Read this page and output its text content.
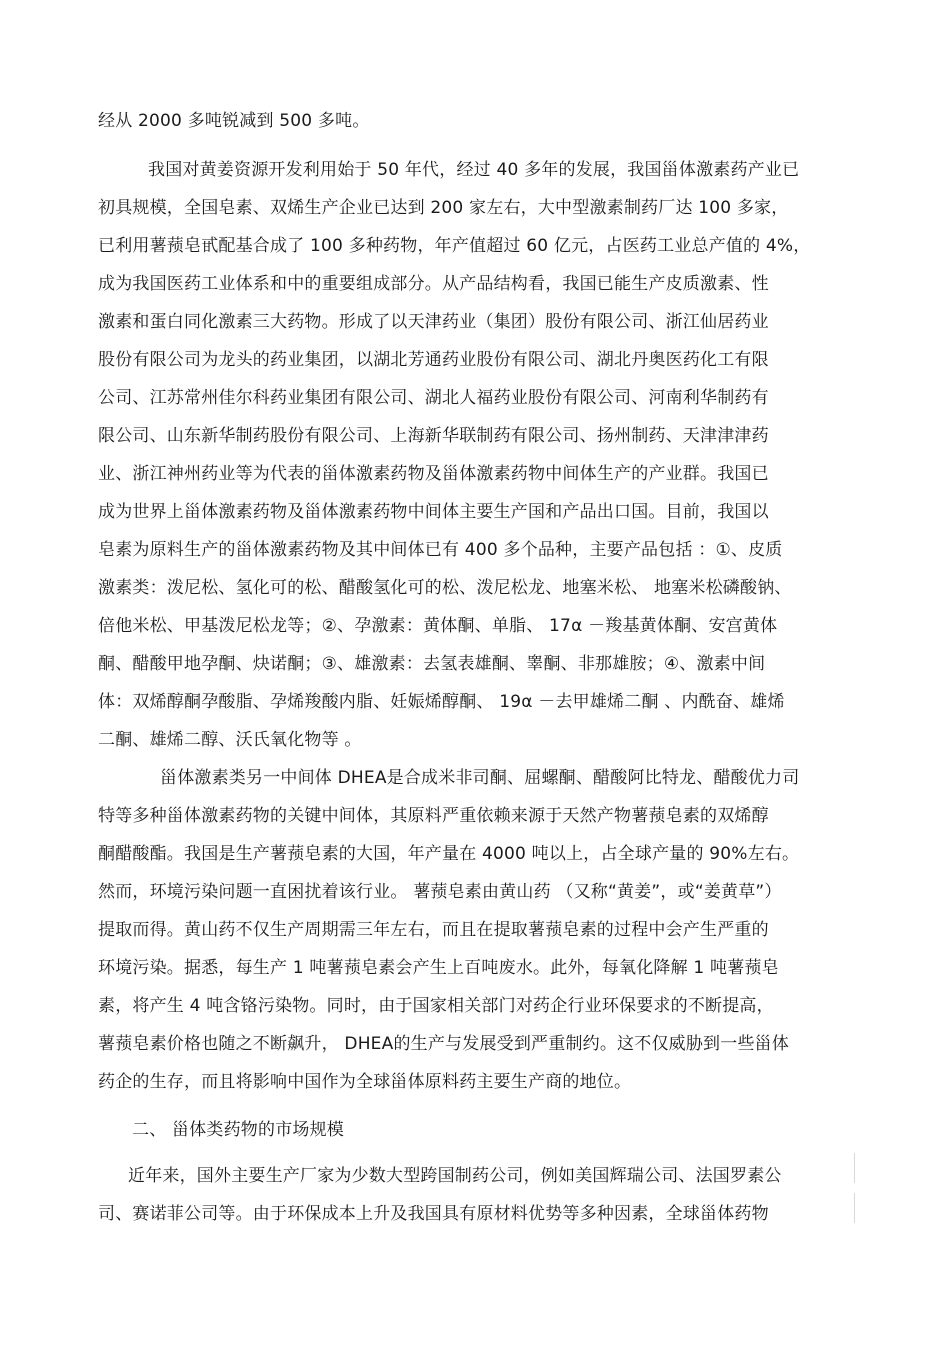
经从 2000 多吨锐减到 500 多吨。
我国对黄姜资源开发利用始于 50 年代，经过 40 多年的发展，我国甾体激素药产业已
初具规模，全国皂素、双烯生产企业已达到 200 家左右，大中型激素制药厂达 100 多家，
已利用薯蓣皂甙配基合成了 100 多种药物，年产值超过 60 亿元，占医药工业总产值的 4%，
成为我国医药工业体系和中的重要组成部分。从产品结构看，我国已能生产皮质激素、性
激素和蛋白同化激素三大药物。形成了以天津药业（集团）股份有限公司、浙江仙居药业
股份有限公司为龙头的药业集团，以湖北芳通药业股份有限公司、湖北丹奥医药化工有限
公司、江苏常州佳尔科药业集团有限公司、湖北人福药业股份有限公司、河南利华制药有
限公司、山东新华制药股份有限公司、上海新华联制药有限公司、扬州制药、天津津津药
业、浙江神州药业等为代表的甾体激素药物及甾体激素药物中间体生产的产业群。我国已
成为世界上甾体激素药物及甾体激素药物中间体主要生产国和产品出口国。目前，我国以
皂素为原料生产的甾体激素药物及其中间体已有 400 多个品种，主要产品包括 ：①、皮质
激素类：泼尼松、氢化可的松、醋酸氢化可的松、泼尼松龙、地塞米松、 地塞米松磷酸钠、
倍他米松、甲基泼尼松龙等；②、孕激素：黄体酮、单脂、 17α －羧基黄体酮、安宫黄体
酮、醋酸甲地孕酮、炔诺酮；③、雄激素：去氢表雄酮、睾酮、非那雄胺；④、激素中间
体：双烯醇酮孕酸脂、孕烯羧酸内脂、妊娠烯醇酮、 19α －去甲雄烯二酮 、内酰奋、雄烯
二酮、雄烯二醇、沃氏氧化物等 。
甾体激素类另一中间体 DHEA是合成米非司酮、屈螺酮、醋酸阿比特龙、醋酸优力司
特等多种甾体激素药物的关键中间体，其原料严重依赖来源于天然产物薯蓣皂素的双烯醇
酮醋酸酯。我国是生产薯蓣皂素的大国，年产量在 4000 吨以上，占全球产量的 90%左右。
然而，环境污染问题一直困扰着该行业。 薯蓣皂素由黄山药 （又称“黄姜”，或“姜黄草”）
提取而得。黄山药不仅生产周期需三年左右，而且在提取薯蓣皂素的过程中会产生严重的
环境污染。据悉，每生产 1 吨薯蓣皂素会产生上百吨废水。此外，每氧化降解 1 吨薯蓣皂
素，将产生 4 吨含铬污染物。同时，由于国家相关部门对药企行业环保要求的不断提高，
薯蓣皂素价格也随之不断飙升， DHEA的生产与发展受到严重制约。这不仅威胁到一些甾体
药企的生存，而且将影响中国作为全球甾体原料药主要生产商的地位。
二、 甾体类药物的市场规模
近年来，国外主要生产厂家为少数大型跨国制药公司，例如美国辉瑞公司、法国罗素公
司、赛诺菲公司等。由于环保成本上升及我国具有原材料优势等多种因素，全球甾体药物
